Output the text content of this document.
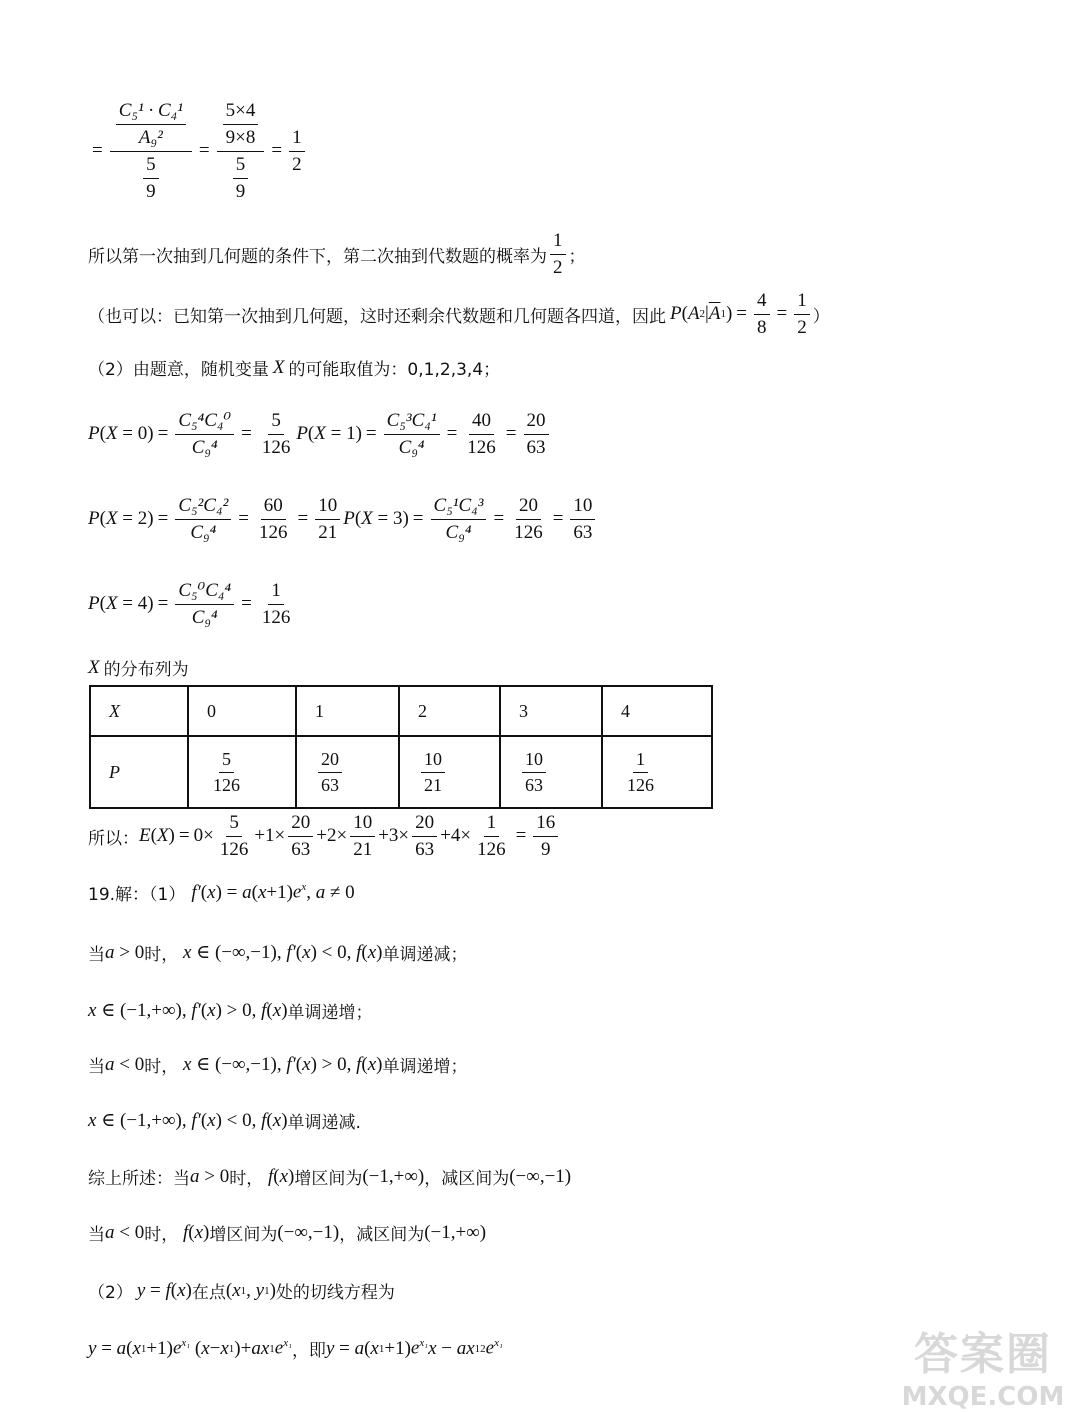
= $\frac{\frac{\text{C₅¹ · C₄¹}}{\text{A₉²}}}{\frac{5}{9}} = \frac{\frac{5\times 4}{9\times 8}}{\frac{5}{9}} = \frac{1}{2}$
所以第一次抽到几何题的条件下，第二次抽到代数题的概率为 $\frac{1}{2}$ ；
（也可以：已知第一次抽到几何题，这时还剩余代数题和几何题各四道，因此 P ( A 2 | $\overline{A}$ 1 ) = $\frac{4}{8} = \frac{1}{2}$ ）
（2）由题意，随机变量 X 的可能取值为：0,1,2,3,4；
P ( $X = 0) = \frac{\text{C₅⁴C₄⁰}}{\text{C₉⁴}} = \frac{5}{126}$ P ( $X = 1) = \frac{\text{C₅³C₄¹}}{\text{C₉⁴}} = \frac{40}{126} = \frac{20}{63}$
P ( $X = 2) = \frac{\text{C₅²C₄²}}{\text{C₉⁴}} = \frac{60}{126} = \frac{10}{21}$ P ( $X = 3) = \frac{\text{C₅¹C₄³}}{\text{C₉⁴}} = \frac{20}{126} = \frac{10}{63}$
P ( $X = 4) = \frac{\text{C₅⁰C₄⁴}}{\text{C₉⁴}} = \frac{1}{126}$
X 的分布列为
X	0	1	2	3	4
P	$\frac{5}{126}$	$\frac{20}{63}$	$\frac{10}{21}$	$\frac{10}{63}$	$\frac{1}{126}$
所以： E ( X ) = $0\times \frac{5}{126} +1\times \frac{20}{63} +2\times \frac{10}{21} +3\times \frac{20}{63} +4\times \frac{1}{126} = \frac{16}{9}$
19.解：（1） f′ ( x ) = a ( x +1) $e^x$ , a ≠ 0
当 a > 0 时，
x ∈ (−∞,−1), f′ ( x ) < 0, f ( x ) 单调递减；
x ∈ (−1,+∞), f′ ( x ) > 0, f ( x ) 单调递增；
当 a < 0 时，
x ∈ (−∞,−1), f′ ( x ) > 0, f ( x ) 单调递增；
x ∈ (−1,+∞), f′ ( x ) < 0, f ( x ) 单调递减.
综上所述：当 a > 0 时，
f ( x ) 增区间为 (−1,+∞) ， 减区间为 (−∞,−1)
当 a < 0 时，
f ( x ) 增区间为 (−∞,−1) ， 减区间为 (−1,+∞)
（2） y = f ( x ) 在点 ( x 1 , y 1 ) 处的切线方程为
y = a ( x 1 +1) $e^{x_1}$ ( x − x 1 )+ ax 1 $e^{x_1}$ ，即 y = a ( x 1 +1) $e^{x_1}$ x − ax 1 2 $e^{x_1}$	答案圈
MXQE.COM
